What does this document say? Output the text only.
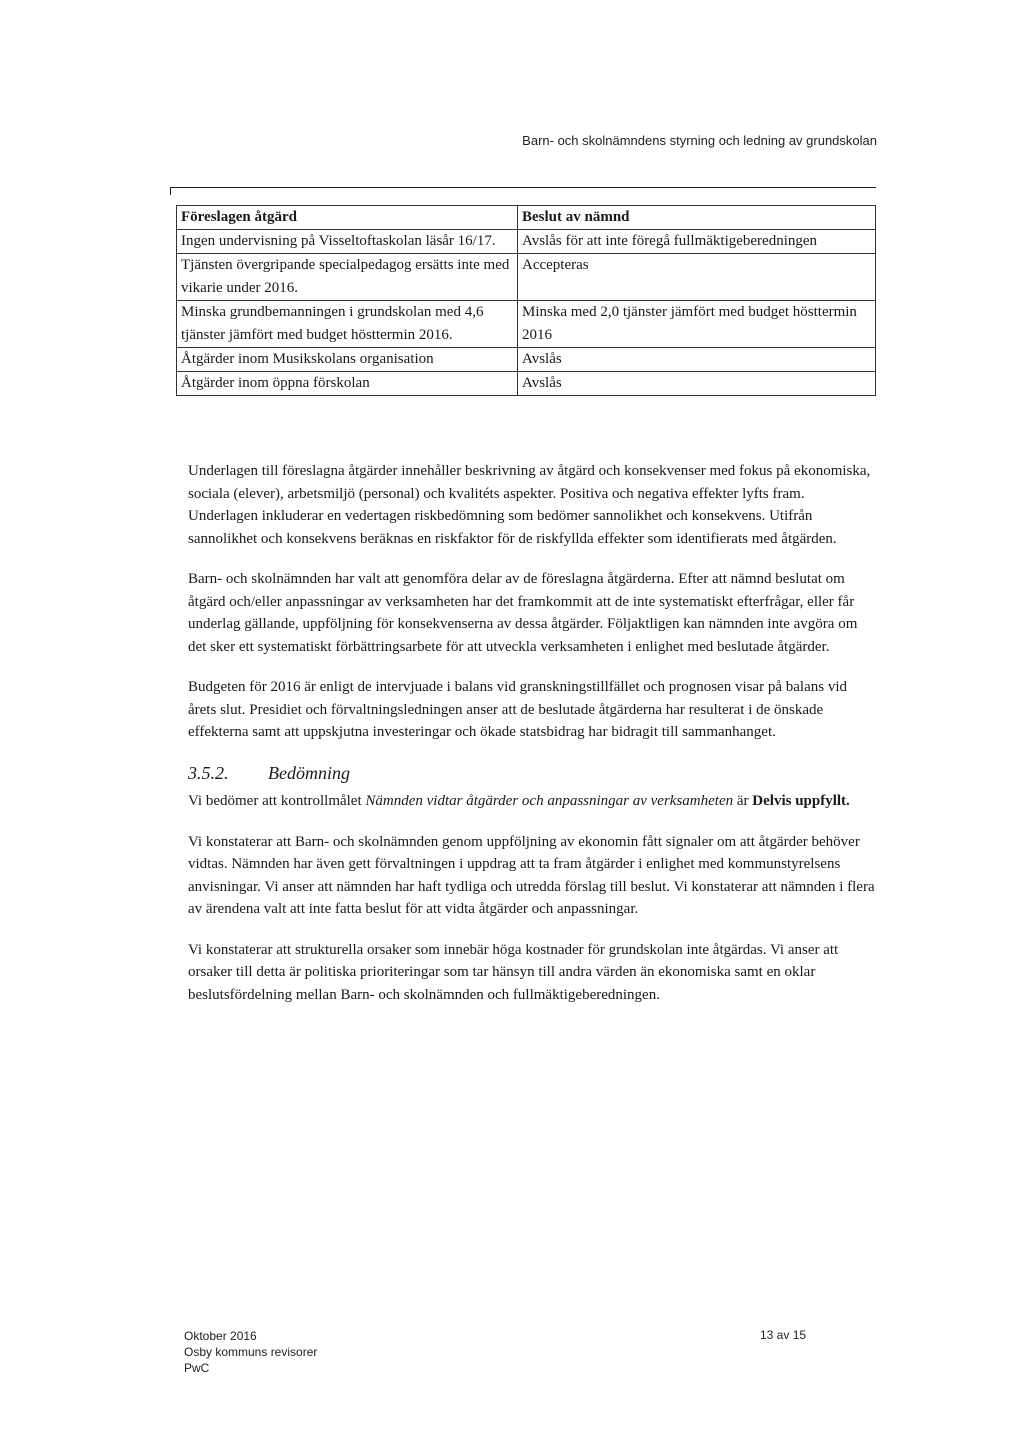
Barn- och skolnämndens styrning och ledning av grundskolan
Föreslagen åtgärd	Beslut av nämnd
Ingen undervisning på Visseltoftaskolan läsår 16/17.	Avslås för att inte föregå fullmäktigeberedningen
Tjänsten övergripande specialpedagog ersätts inte med vikarie under 2016.	Accepteras
Minska grundbemanningen i grundskolan med 4,6 tjänster jämfört med budget hösttermin 2016.	Minska med 2,0 tjänster jämfört med budget hösttermin 2016
Åtgärder inom Musikskolans organisation	Avslås
Åtgärder inom öppna förskolan	Avslås

Underlagen till föreslagna åtgärder innehåller beskrivning av åtgärd och konsekvenser med fokus på ekonomiska, sociala (elever), arbetsmiljö (personal) och kvalitéts aspekter. Positiva och negativa effekter lyfts fram. Underlagen inkluderar en vedertagen riskbedömning som bedömer sannolikhet och konsekvens. Utifrån sannolikhet och konsekvens beräknas en riskfaktor för de riskfyllda effekter som identifierats med åtgärden.

Barn- och skolnämnden har valt att genomföra delar av de föreslagna åtgärderna. Efter att nämnd beslutat om åtgärd och/eller anpassningar av verksamheten har det framkommit att de inte systematiskt efterfrågar, eller får underlag gällande, uppföljning för konsekvenserna av dessa åtgärder. Följaktligen kan nämnden inte avgöra om det sker ett systematiskt förbättringsarbete för att utveckla verksamheten i enlighet med beslutade åtgärder.

Budgeten för 2016 är enligt de intervjuade i balans vid granskningstillfället och prognosen visar på balans vid årets slut. Presidiet och förvaltningsledningen anser att de beslutade åtgärderna har resulterat i de önskade effekterna samt att uppskjutna investeringar och ökade statsbidrag har bidragit till sammanhanget.

3.5.2. Bedömning

Vi bedömer att kontrollmålet Nämnden vidtar åtgärder och anpassningar av verksamheten är Delvis uppfyllt.

Vi konstaterar att Barn- och skolnämnden genom uppföljning av ekonomin fått signaler om att åtgärder behöver vidtas. Nämnden har även gett förvaltningen i uppdrag att ta fram åtgärder i enlighet med kommunstyrelsens anvisningar. Vi anser att nämnden har haft tydliga och utredda förslag till beslut. Vi konstaterar att nämnden i flera av ärendena valt att inte fatta beslut för att vidta åtgärder och anpassningar.

Vi konstaterar att strukturella orsaker som innebär höga kostnader för grundskolan inte åtgärdas. Vi anser att orsaker till detta är politiska prioriteringar som tar hänsyn till andra värden än ekonomiska samt en oklar beslutsfördelning mellan Barn- och skolnämnden och fullmäktigeberedningen.

Oktober 2016
Osby kommuns revisorer
PwC
13 av 15
